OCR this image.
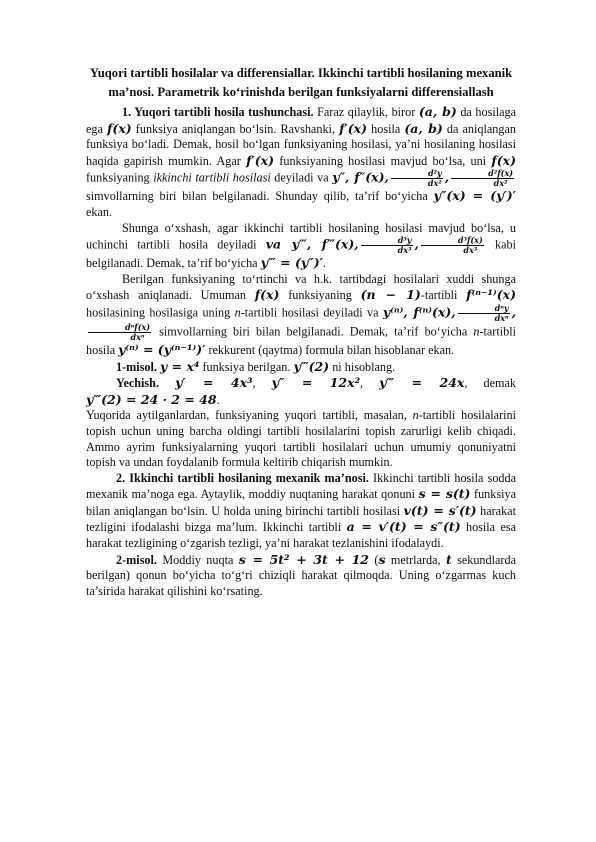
Yuqori tartibli hosilalar va differensiallar. Ikkinchi tartibli hosilaning mexanik ma’nosi. Parametrik ko‘rinishda berilgan funksiyalarni differensiallash

1. Yuqori tartibli hosila tushunchasi. Faraz qilaylik, biror (a, b) da hosilaga ega f(x) funksiya aniqlangan bo‘lsin. Ravshanki, f′(x) hosila (a, b) da aniqlangan funksiya bo‘ladi. Demak, hosil bo‘lgan funksiyaning hosilasi, ya’ni hosilaning hosilasi haqida gapirish mumkin. Agar f′(x) funksiyaning hosilasi mavjud bo‘lsa, uni f(x) funksiyaning ikkinchi tartibli hosilasi deyiladi va y″, f″(x), $\frac{\text{d²y}}{\text{dx²}}$ , $\frac{\text{d²f(x)}}{\text{dx²}}$
simvollarning biri bilan belgilanadi. Shunday qilib, ta’rif bo‘yicha y″(x) = (y′)′ ekan.

Shunga o‘xshash, agar ikkinchi tartibli hosilaning hosilasi mavjud bo‘lsa, u uchinchi tartibli hosila deyiladi va y‴, f‴(x), $\frac{\text{d³y}}{\text{dx³}}$ , $\frac{\text{d³f(x)}}{\text{dx³}}$ kabi belgilanadi. Demak, ta’rif bo‘yicha y‴ = (y″)′.

Berilgan funksiyaning to‘rtinchi va h.k. tartibdagi hosilalari xuddi shunga o‘xshash aniqlanadi. Umuman f(x) funksiyaning (n − 1)-tartibli f⁽ⁿ⁻¹⁾(x) hosilasining hosilasiga uning n-tartibli hosilasi deyiladi va y⁽ⁿ⁾, f⁽ⁿ⁾(x), $\frac{\text{dⁿy}}{\text{dxⁿ}}$ ,
$\frac{\text{dⁿf(x)}}{\text{dxⁿ}}$ simvollarning biri bilan belgilanadi. Demak, ta’rif bo‘yicha n-tartibli hosila y⁽ⁿ⁾ = (y⁽ⁿ⁻¹⁾)′ rekkurent (qaytma) formula bilan hisoblanar ekan.

1-misol. y = x⁴ funksiya berilgan. y‴(2) ni hisoblang.

Yechish. y′ = 4x³, y″ = 12x², y‴ = 24x, demak y‴(2) = 24 · 2 = 48.

Yuqorida aytilganlardan, funksiyaning yuqori tartibli, masalan, n-tartibli hosilalarini topish uchun uning barcha oldingi tartibli hosilalarini topish zarurligi kelib chiqadi. Ammo ayrim funksiyalarning yuqori tartibli hosilalari uchun umumiy qonuniyatni topish va undan foydalanib formula keltirib chiqarish mumkin.

2. Ikkinchi tartibli hosilaning mexanik ma’nosi. Ikkinchi tartibli hosila sodda mexanik ma’noga ega. Aytaylik, moddiy nuqtaning harakat qonuni s = s(t) funksiya bilan aniqlangan bo‘lsin. U holda uning birinchi tartibli hosilasi v(t) = s′(t) harakat tezligini ifodalashi bizga ma’lum. Ikkinchi tartibli a = v′(t) = s″(t) hosila esa harakat tezligining o‘zgarish tezligi, ya’ni harakat tezlanishini ifodalaydi.

2-misol. Moddiy nuqta s = 5t² + 3t + 12 (s metrlarda, t sekundlarda berilgan) qonun bo‘yicha to‘g‘ri chiziqli harakat qilmoqda. Uning o‘zgarmas kuch ta’sirida harakat qilishini ko‘rsating.
